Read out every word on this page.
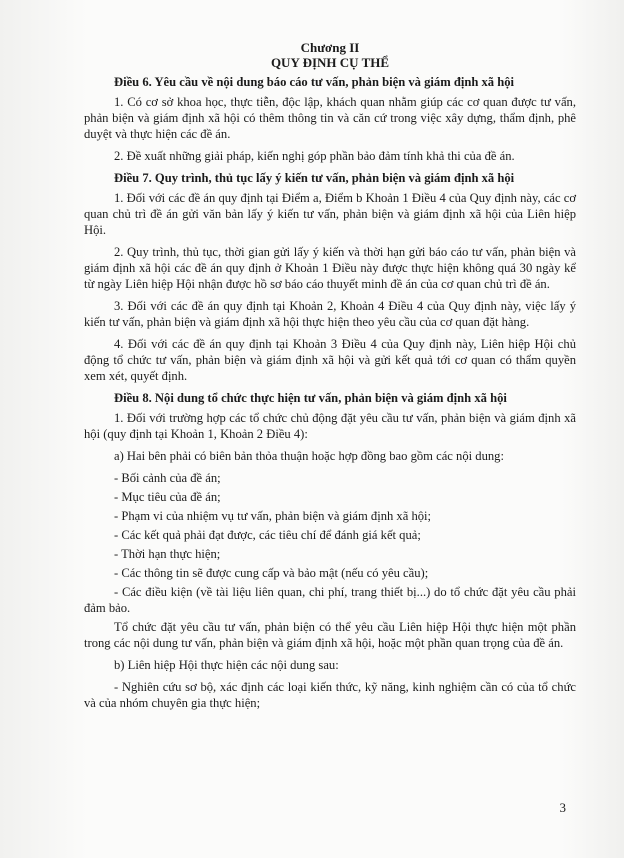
Chương II
QUY ĐỊNH CỤ THỂ
Điều 6. Yêu cầu về nội dung báo cáo tư vấn, phản biện và giám định xã hội

1. Có cơ sở khoa học, thực tiễn, độc lập, khách quan nhằm giúp các cơ quan được tư vấn, phản biện và giám định xã hội có thêm thông tin và căn cứ trong việc xây dựng, thẩm định, phê duyệt và thực hiện các đề án.

2. Đề xuất những giải pháp, kiến nghị góp phần bảo đảm tính khả thi của đề án.

Điều 7. Quy trình, thủ tục lấy ý kiến tư vấn, phản biện và giám định xã hội

1. Đối với các đề án quy định tại Điểm a, Điểm b Khoản 1 Điều 4 của Quy định này, các cơ quan chủ trì đề án gửi văn bản lấy ý kiến tư vấn, phản biện và giám định xã hội của Liên hiệp Hội.

2. Quy trình, thủ tục, thời gian gửi lấy ý kiến và thời hạn gửi báo cáo tư vấn, phản biện và giám định xã hội các đề án quy định ở Khoản 1 Điều này được thực hiện không quá 30 ngày kể từ ngày Liên hiệp Hội nhận được hồ sơ báo cáo thuyết minh đề án của cơ quan chủ trì đề án.

3. Đối với các đề án quy định tại Khoản 2, Khoản 4 Điều 4 của Quy định này, việc lấy ý kiến tư vấn, phản biện và giám định xã hội thực hiện theo yêu cầu của cơ quan đặt hàng.

4. Đối với các đề án quy định tại Khoản 3 Điều 4 của Quy định này, Liên hiệp Hội chủ động tổ chức tư vấn, phản biện và giám định xã hội và gửi kết quả tới cơ quan có thẩm quyền xem xét, quyết định.

Điều 8. Nội dung tổ chức thực hiện tư vấn, phản biện và giám định xã hội

1. Đối với trường hợp các tổ chức chủ động đặt yêu cầu tư vấn, phản biện và giám định xã hội (quy định tại Khoản 1, Khoản 2 Điều 4):

a) Hai bên phải có biên bản thỏa thuận hoặc hợp đồng bao gồm các nội dung:

- Bối cảnh của đề án;
- Mục tiêu của đề án;
- Phạm vi của nhiệm vụ tư vấn, phản biện và giám định xã hội;
- Các kết quả phải đạt được, các tiêu chí để đánh giá kết quả;
- Thời hạn thực hiện;
- Các thông tin sẽ được cung cấp và bảo mật (nếu có yêu cầu);
- Các điều kiện (về tài liệu liên quan, chi phí, trang thiết bị...) do tổ chức đặt yêu cầu phải đảm bảo.

Tổ chức đặt yêu cầu tư vấn, phản biện có thể yêu cầu Liên hiệp Hội thực hiện một phần trong các nội dung tư vấn, phản biện và giám định xã hội, hoặc một phần quan trọng của đề án.

b) Liên hiệp Hội thực hiện các nội dung sau:

- Nghiên cứu sơ bộ, xác định các loại kiến thức, kỹ năng, kinh nghiệm cần có của tổ chức và của nhóm chuyên gia thực hiện;
3
